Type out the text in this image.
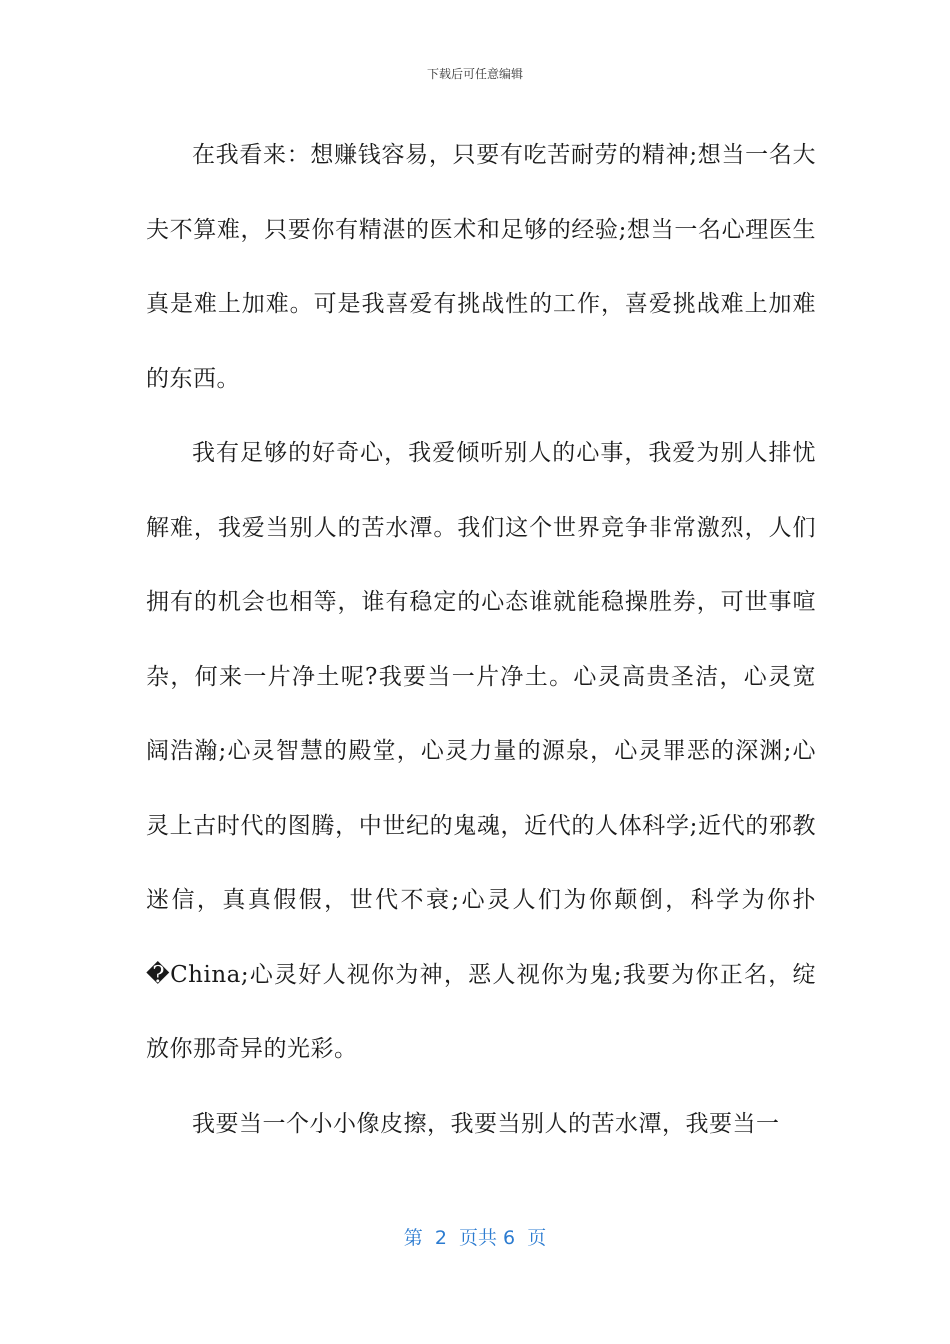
下载后可任意编辑

在我看来：想赚钱容易，只要有吃苦耐劳的精神;想当一名大夫不算难，只要你有精湛的医术和足够的经验;想当一名心理医生真是难上加难。可是我喜爱有挑战性的工作，喜爱挑战难上加难的东西。

我有足够的好奇心，我爱倾听别人的心事，我爱为别人排忧解难，我爱当别人的苦水潭。我们这个世界竞争非常激烈，人们拥有的机会也相等，谁有稳定的心态谁就能稳操胜券，可世事喧杂，何来一片净土呢?我要当一片净土。心灵高贵圣洁，心灵宽阔浩瀚;心灵智慧的殿堂，心灵力量的源泉，心灵罪恶的深渊;心灵上古时代的图腾，中世纪的鬼魂，近代的人体科学;近代的邪教迷信，真真假假，世代不衰;心灵人们为你颠倒，科学为你扑�China;心灵好人视你为神，恶人视你为鬼;我要为你正名，绽放你那奇异的光彩。

我要当一个小小像皮擦，我要当别人的苦水潭，我要当一

第  2  页共 6  页
